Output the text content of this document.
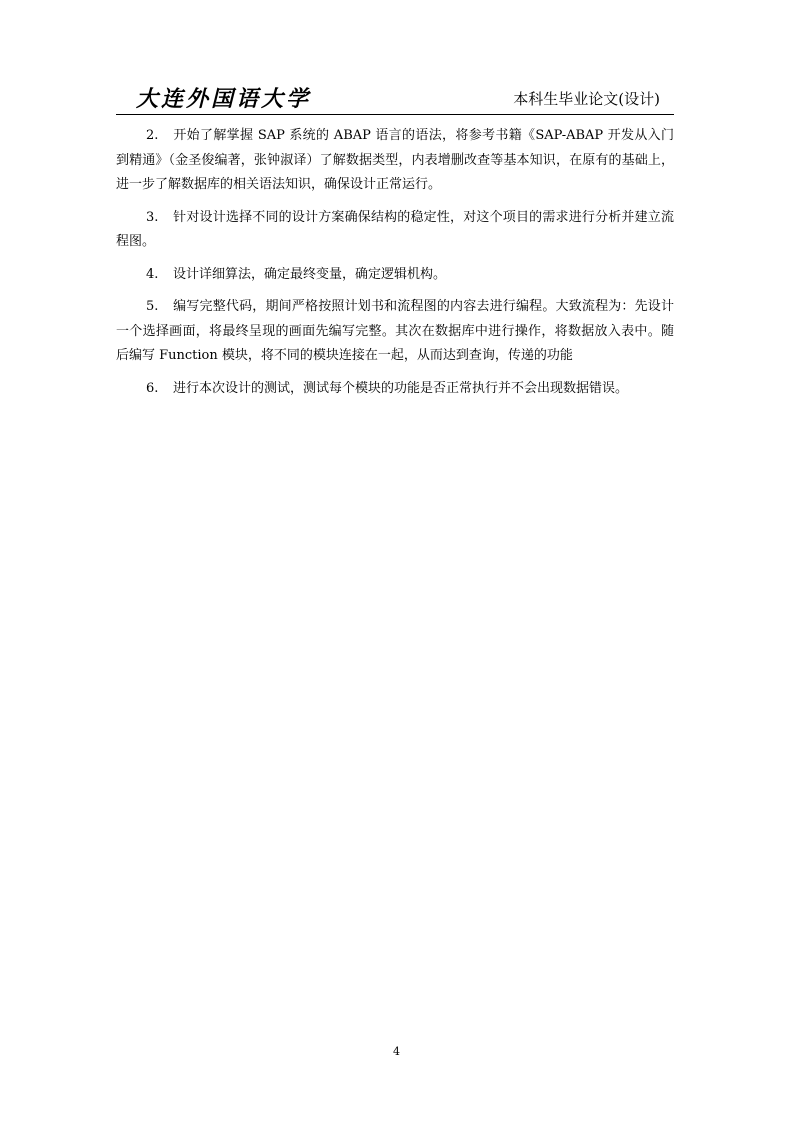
大连外国语大学	本科生毕业论文(设计)

2. 开始了解掌握 SAP 系统的 ABAP 语言的语法，将参考书籍《SAP-ABAP 开发从入门到精通》（金圣俊编著，张钟淑译）了解数据类型，内表增删改查等基本知识，在原有的基础上，进一步了解数据库的相关语法知识，确保设计正常运行。

3. 针对设计选择不同的设计方案确保结构的稳定性，对这个项目的需求进行分析并建立流程图。

4. 设计详细算法，确定最终变量，确定逻辑机构。

5. 编写完整代码，期间严格按照计划书和流程图的内容去进行编程。大致流程为：先设计一个选择画面，将最终呈现的画面先编写完整。其次在数据库中进行操作，将数据放入表中。随后编写 Function 模块，将不同的模块连接在一起，从而达到查询，传递的功能

6. 进行本次设计的测试，测试每个模块的功能是否正常执行并不会出现数据错误。

4
